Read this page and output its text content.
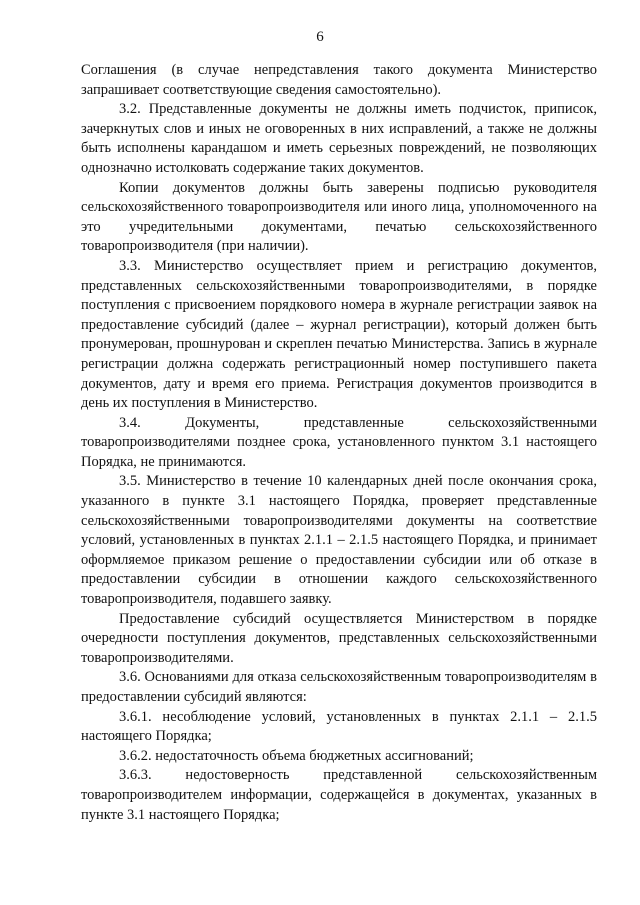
6

Соглашения (в случае непредставления такого документа Министерство запрашивает соответствующие сведения самостоятельно).

3.2. Представленные документы не должны иметь подчисток, приписок, зачеркнутых слов и иных не оговоренных в них исправлений, а также не должны быть исполнены карандашом и иметь серьезных повреждений, не позволяющих однозначно истолковать содержание таких документов.

Копии документов должны быть заверены подписью руководителя сельскохозяйственного товаропроизводителя или иного лица, уполномоченного на это учредительными документами, печатью сельскохозяйственного товаропроизводителя (при наличии).

3.3. Министерство осуществляет прием и регистрацию документов, представленных сельскохозяйственными товаропроизводителями, в порядке поступления с присвоением порядкового номера в журнале регистрации заявок на предоставление субсидий (далее – журнал регистрации), который должен быть пронумерован, прошнурован и скреплен печатью Министерства. Запись в журнале регистрации должна содержать регистрационный номер поступившего пакета документов, дату и время его приема. Регистрация документов производится в день их поступления в Министерство.

3.4. Документы, представленные сельскохозяйственными товаропроизводителями позднее срока, установленного пунктом 3.1 настоящего Порядка, не принимаются.

3.5. Министерство в течение 10 календарных дней после окончания срока, указанного в пункте 3.1 настоящего Порядка, проверяет представленные сельскохозяйственными товаропроизводителями документы на соответствие условий, установленных в пунктах 2.1.1 – 2.1.5 настоящего Порядка, и принимает оформляемое приказом решение о предоставлении субсидии или об отказе в предоставлении субсидии в отношении каждого сельскохозяйственного товаропроизводителя, подавшего заявку.

Предоставление субсидий осуществляется Министерством в порядке очередности поступления документов, представленных сельскохозяйственными товаропроизводителями.

3.6. Основаниями для отказа сельскохозяйственным товаропроизводителям в предоставлении субсидий являются:

3.6.1. несоблюдение условий, установленных в пунктах 2.1.1 – 2.1.5 настоящего Порядка;

3.6.2. недостаточность объема бюджетных ассигнований;

3.6.3. недостоверность представленной сельскохозяйственным товаропроизводителем информации, содержащейся в документах, указанных в пункте 3.1 настоящего Порядка;
